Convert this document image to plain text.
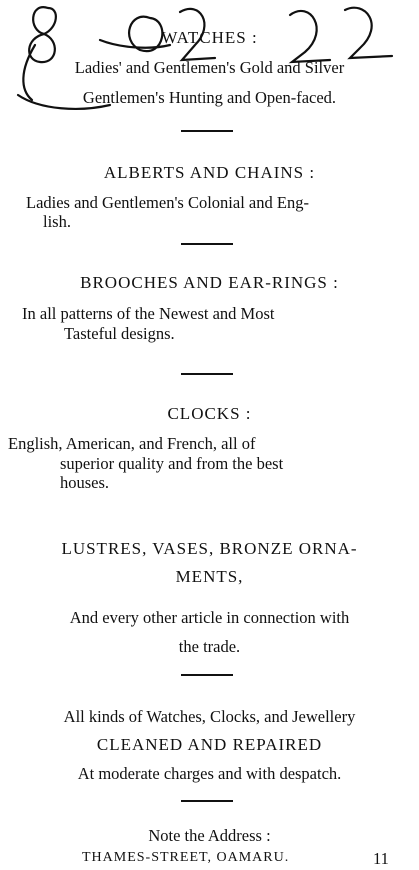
WATCHES :
Ladies' and Gentlemen's Gold and Silver
Gentlemen's Hunting and Open-faced.
ALBERTS AND CHAINS :
Ladies and Gentlemen's Colonial and Eng-
lish.
BROOCHES AND EAR-RINGS :
In all patterns of the Newest and Most
Tasteful designs.
CLOCKS :
English, American, and French, all of
superior quality and from the best
houses.
LUSTRES, VASES, BRONZE ORNA-
MENTS,
And every other article in connection with
the trade.
All kinds of Watches, Clocks, and Jewellery
CLEANED AND REPAIRED
At moderate charges and with despatch.
Note the Address :
THAMES-STREET, OAMARU.	11
